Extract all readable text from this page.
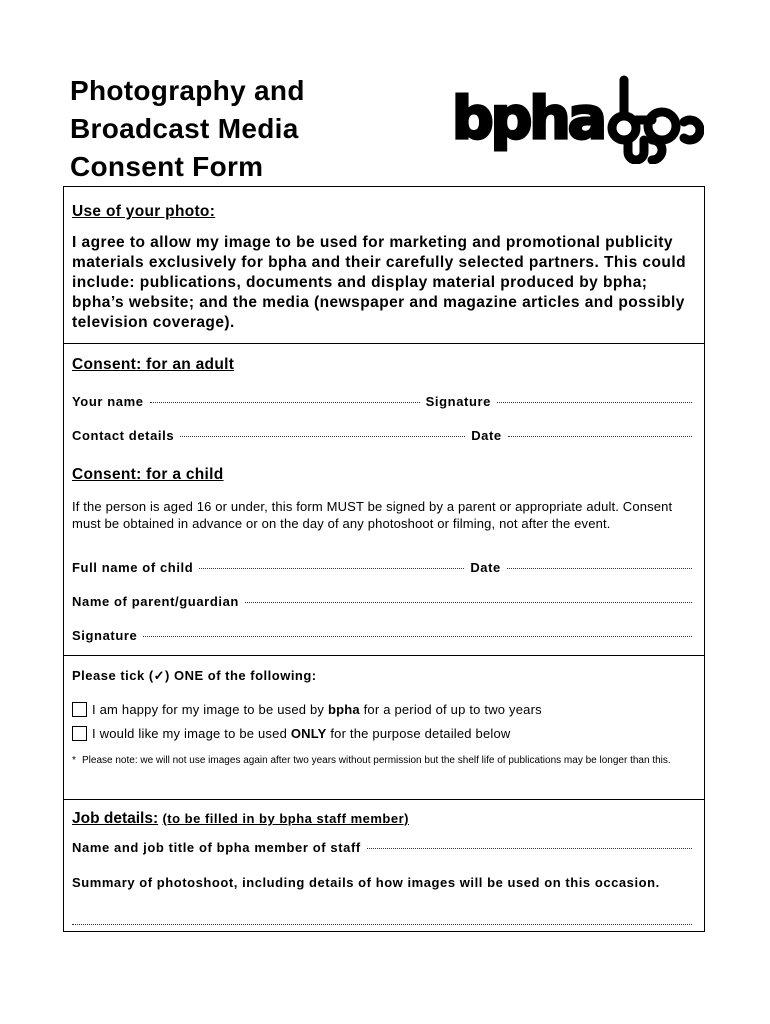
Photography and
Broadcast Media
Consent Form
bpha

Use of your photo:

I agree to allow my image to be used for marketing and promotional publicity materials exclusively for bpha and their carefully selected partners. This could include: publications, documents and display material produced by bpha; bpha’s website; and the media (newspaper and magazine articles and possibly television coverage).

Consent: for an adult

Your name	Signature
Contact details	Date

Consent: for a child

If the person is aged 16 or under, this form MUST be signed by a parent or appropriate adult. Consent must be obtained in advance or on the day of any photoshoot or filming, not after the event.

Full name of child	Date
Name of parent/guardian
Signature

Please tick (✓) ONE of the following:

I am happy for my image to be used by bpha for a period of up to two years
I would like my image to be used ONLY for the purpose detailed below

* Please note: we will not use images again after two years without permission but the shelf life of publications may be longer than this.

Job details: (to be filled in by bpha staff member)

Name and job title of bpha member of staff

Summary of photoshoot, including details of how images will be used on this occasion.
